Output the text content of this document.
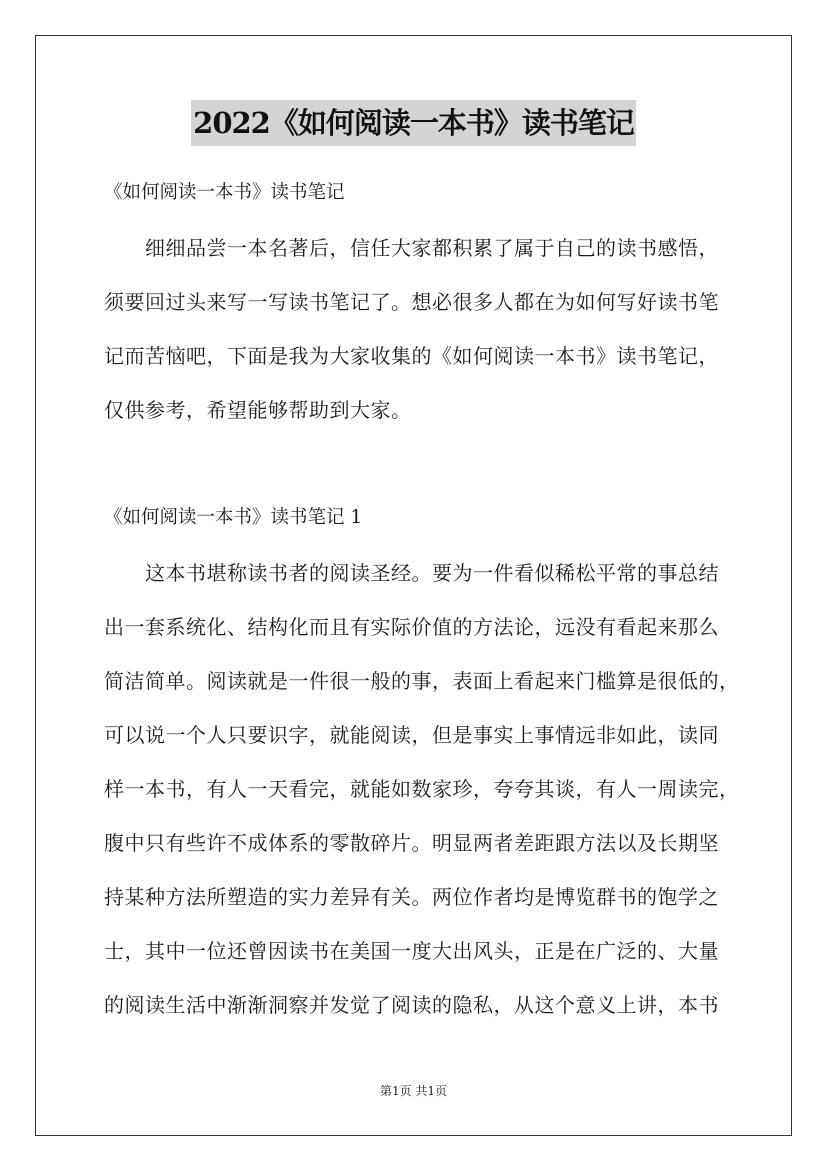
2022《如何阅读一本书》读书笔记
《如何阅读一本书》读书笔记
细细品尝一本名著后，信任大家都积累了属于自己的读书感悟，
须要回过头来写一写读书笔记了。想必很多人都在为如何写好读书笔
记而苦恼吧，下面是我为大家收集的《如何阅读一本书》读书笔记，
仅供参考，希望能够帮助到大家。
《如何阅读一本书》读书笔记 1
这本书堪称读书者的阅读圣经。要为一件看似稀松平常的事总结
出一套系统化、结构化而且有实际价值的方法论，远没有看起来那么
简洁简单。阅读就是一件很一般的事，表面上看起来门槛算是很低的，
可以说一个人只要识字，就能阅读，但是事实上事情远非如此，读同
样一本书，有人一天看完，就能如数家珍，夸夸其谈，有人一周读完，
腹中只有些许不成体系的零散碎片。明显两者差距跟方法以及长期坚
持某种方法所塑造的实力差异有关。两位作者均是博览群书的饱学之
士，其中一位还曾因读书在美国一度大出风头，正是在广泛的、大量
的阅读生活中渐渐洞察并发觉了阅读的隐私，从这个意义上讲，本书
第1页 共1页
